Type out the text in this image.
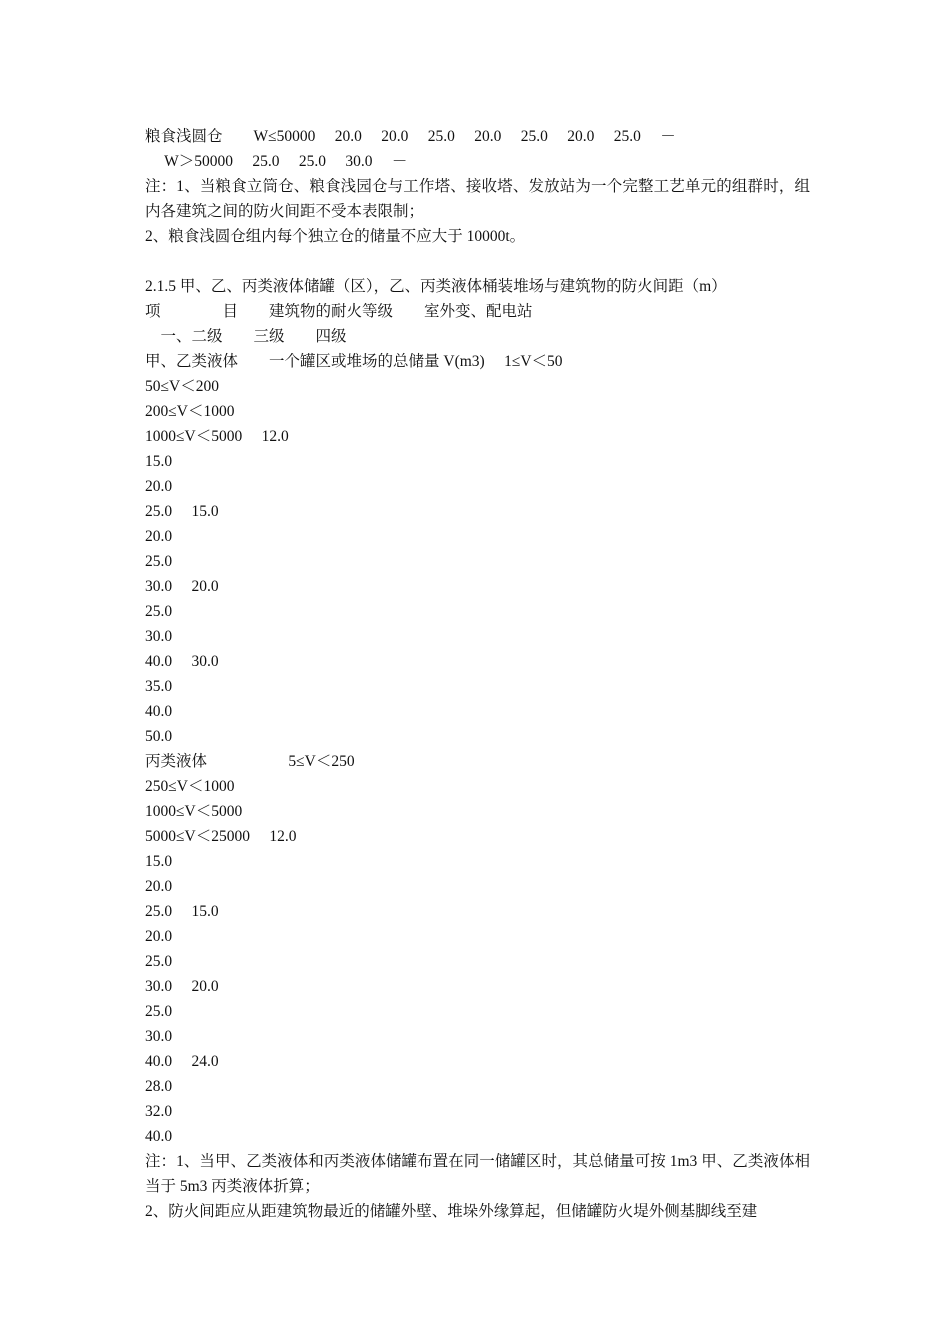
粮食浅圆仓　　W≤50000　 20.0　 20.0　 25.0　 20.0　 25.0　 20.0　 25.0　 －
　 W＞50000　 25.0　 25.0　 30.0　 －
注：1、当粮食立筒仓、粮食浅园仓与工作塔、接收塔、发放站为一个完整工艺单元的组群时，组内各建筑之间的防火间距不受本表限制；
2、粮食浅圆仓组内每个独立仓的储量不应大于 10000t。
2.1.5 甲、乙、丙类液体储罐（区），乙、丙类液体桶装堆场与建筑物的防火间距（m）
项　　　　目　　建筑物的耐火等级　　室外变、配电站
　一、二级　　三级　　四级
甲、乙类液体　　一个罐区或堆场的总储量 V(m3)　 1≤V＜50
50≤V＜200
200≤V＜1000
1000≤V＜5000　 12.0
15.0
20.0
25.0　 15.0
20.0
25.0
30.0　 20.0
25.0
30.0
40.0　 30.0
35.0
40.0
50.0
丙类液体　　　　　 5≤V＜250
250≤V＜1000
1000≤V＜5000
5000≤V＜25000　 12.0
15.0
20.0
25.0　 15.0
20.0
25.0
30.0　 20.0
25.0
30.0
40.0　 24.0
28.0
32.0
40.0
注：1、当甲、乙类液体和丙类液体储罐布置在同一储罐区时，其总储量可按 1m3 甲、乙类液体相当于 5m3 丙类液体折算；
2、防火间距应从距建筑物最近的储罐外壁、堆垛外缘算起，但储罐防火堤外侧基脚线至建
